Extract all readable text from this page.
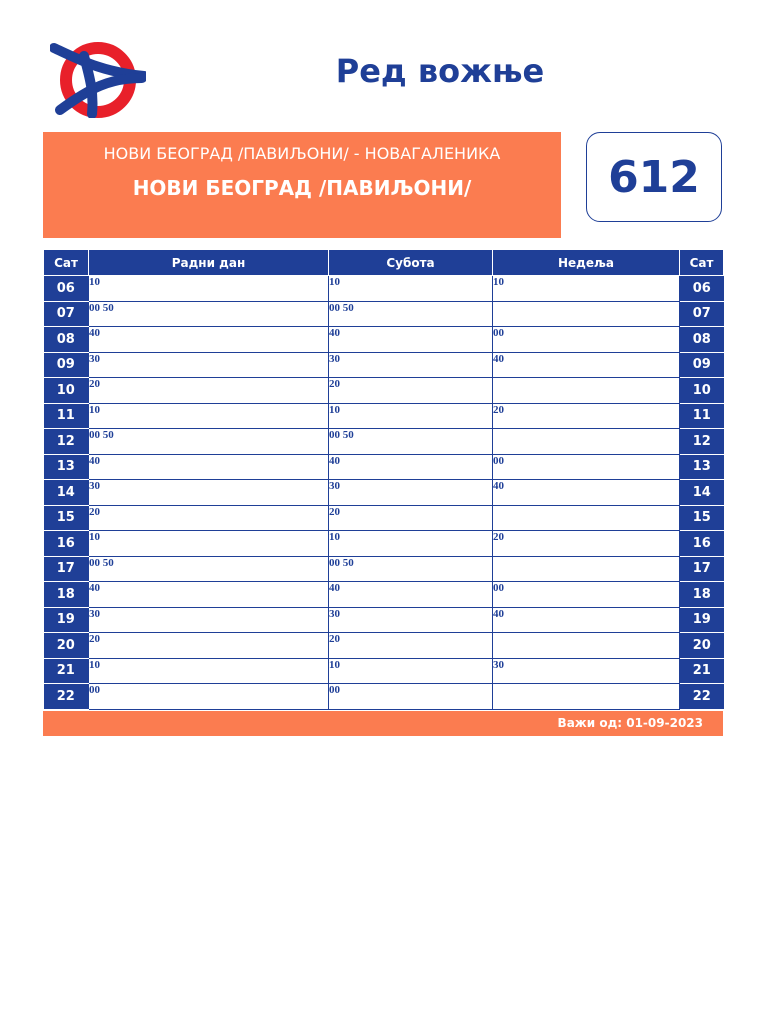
Ред вожње
НОВИ БЕОГРАД /ПАВИЉОНИ/ - НОВАГАЛЕНИКА
НОВИ БЕОГРАД /ПАВИЉОНИ/	612
Сат	Радни дан	Субота	Недеља	Сат
06	10	10	10	06
07	00 50	00 50		07
08	40	40	00	08
09	30	30	40	09
10	20	20		10
11	10	10	20	11
12	00 50	00 50		12
13	40	40	00	13
14	30	30	40	14
15	20	20		15
16	10	10	20	16
17	00 50	00 50		17
18	40	40	00	18
19	30	30	40	19
20	20	20		20
21	10	10	30	21
22	00	00		22
Важи од: 01-09-2023
